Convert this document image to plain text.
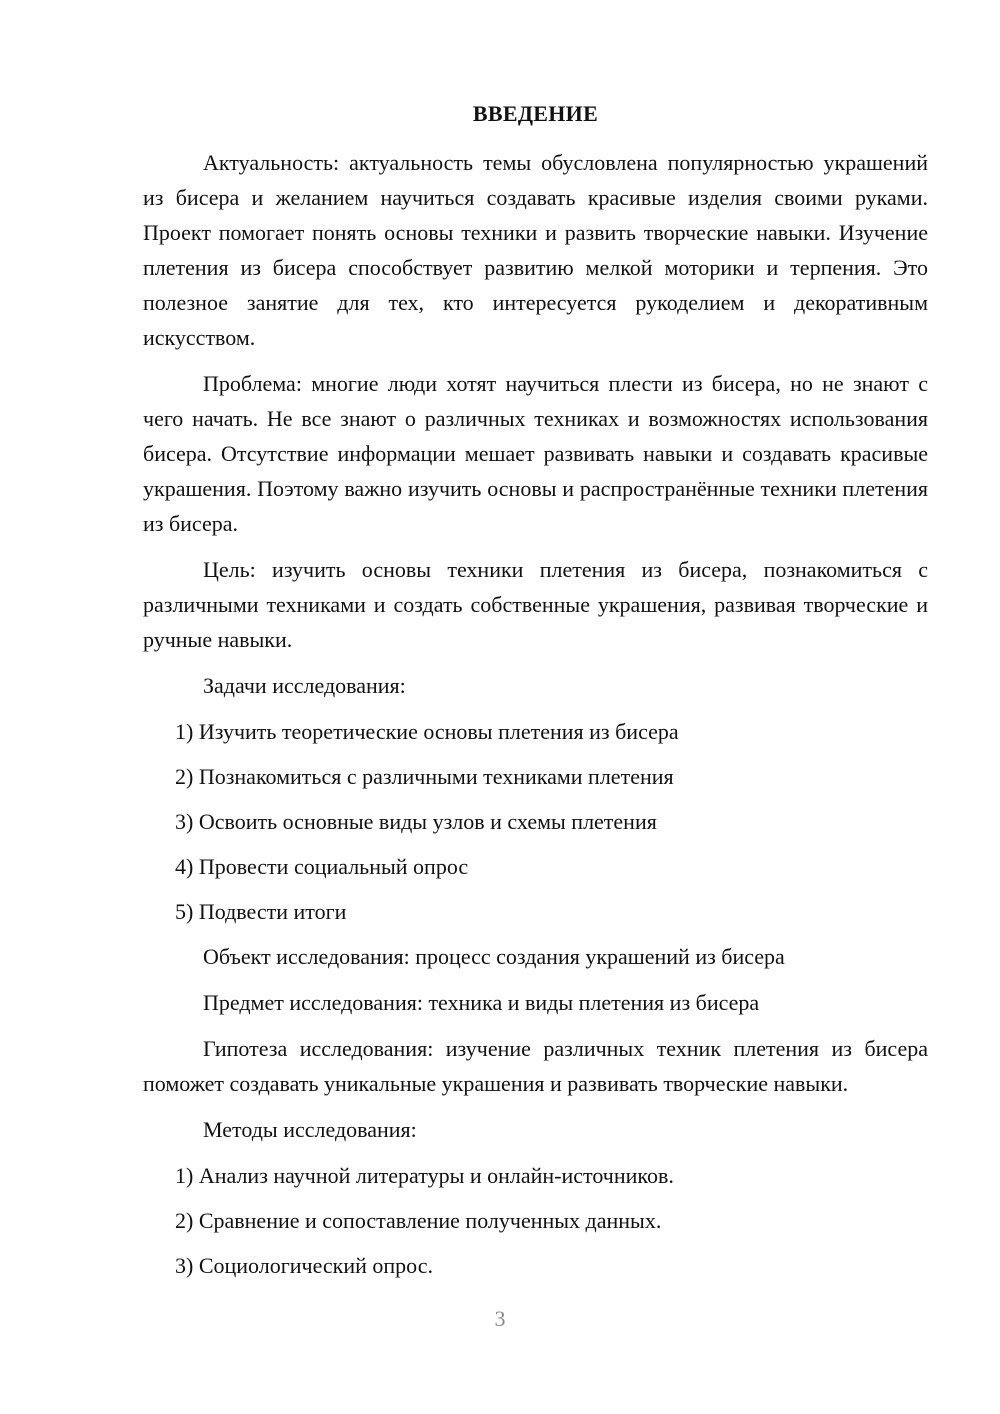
ВВЕДЕНИЕ

Актуальность: актуальность темы обусловлена популярностью украшений из бисера и желанием научиться создавать красивые изделия своими руками. Проект помогает понять основы техники и развить творческие навыки. Изучение плетения из бисера способствует развитию мелкой моторики и терпения. Это полезное занятие для тех, кто интересуется рукоделием и декоративным искусством.

Проблема: многие люди хотят научиться плести из бисера, но не знают с чего начать. Не все знают о различных техниках и возможностях использования бисера. Отсутствие информации мешает развивать навыки и создавать красивые украшения. Поэтому важно изучить основы и распространённые техники плетения из бисера.

Цель: изучить основы техники плетения из бисера, познакомиться с различными техниками и создать собственные украшения, развивая творческие и ручные навыки.

Задачи исследования:

1) Изучить теоретические основы плетения из бисера

2) Познакомиться с различными техниками плетения

3) Освоить основные виды узлов и схемы плетения

4) Провести социальный опрос

5) Подвести итоги

Объект исследования: процесс создания украшений из бисера

Предмет исследования: техника и виды плетения из бисера

Гипотеза исследования: изучение различных техник плетения из бисера поможет создавать уникальные украшения и развивать творческие навыки.

Методы исследования:

1) Анализ научной литературы и онлайн-источников.

2) Сравнение и сопоставление полученных данных.

3) Социологический опрос.

3
